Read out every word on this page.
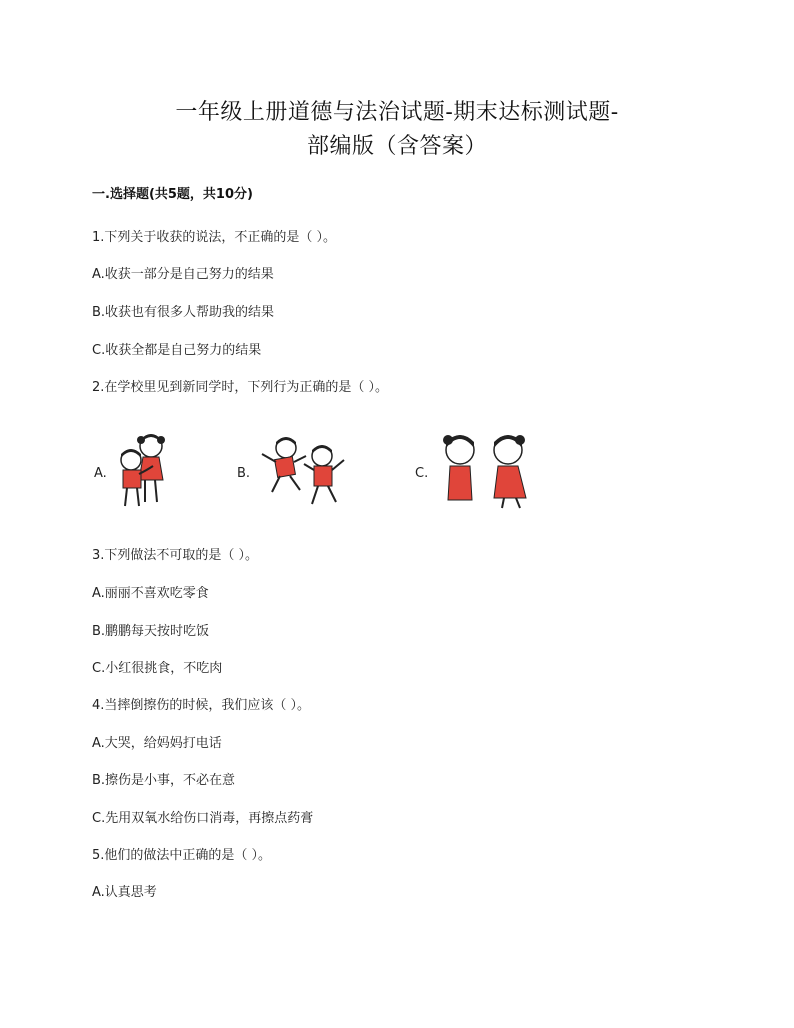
一年级上册道德与法治试题-期末达标测试题-
部编版（含答案）
一.选择题(共5题，共10分)
1.下列关于收获的说法，不正确的是（ ）。
A.收获一部分是自己努力的结果
B.收获也有很多人帮助我的结果
C.收获全都是自己努力的结果
2.在学校里见到新同学时，下列行为正确的是（ ）。
A.	B.	C.
3.下列做法不可取的是（ ）。
A.丽丽不喜欢吃零食
B.鹏鹏每天按时吃饭
C.小红很挑食，不吃肉
4.当摔倒擦伤的时候，我们应该（ ）。
A.大哭，给妈妈打电话
B.擦伤是小事，不必在意
C.先用双氧水给伤口消毒，再擦点药膏
5.他们的做法中正确的是（ ）。
A.认真思考
